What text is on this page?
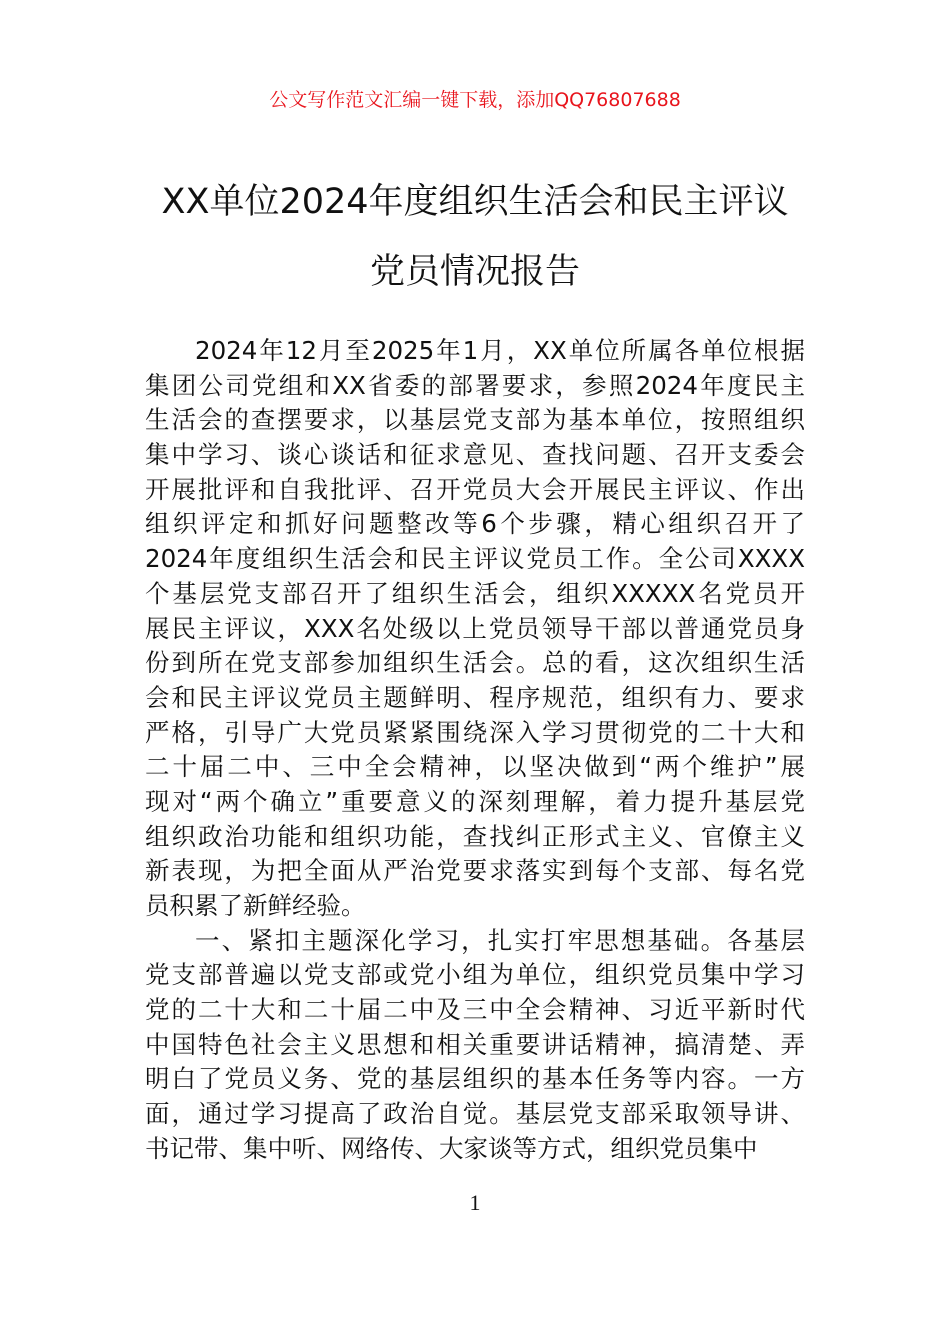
公文写作范文汇编一键下载，添加QQ76807688
XX单位2024年度组织生活会和民主评议
党员情况报告
2024年12月至2025年1月，XX单位所属各单位根据
集团公司党组和XX省委的部署要求，参照2024年度民主
生活会的查摆要求，以基层党支部为基本单位，按照组织
集中学习、谈心谈话和征求意见、查找问题、召开支委会
开展批评和自我批评、召开党员大会开展民主评议、作出
组织评定和抓好问题整改等6个步骤，精心组织召开了
2024年度组织生活会和民主评议党员工作。全公司XXXX
个基层党支部召开了组织生活会，组织XXXXX名党员开
展民主评议，XXX名处级以上党员领导干部以普通党员身
份到所在党支部参加组织生活会。总的看，这次组织生活
会和民主评议党员主题鲜明、程序规范，组织有力、要求
严格，引导广大党员紧紧围绕深入学习贯彻党的二十大和
二十届二中、三中全会精神，以坚决做到“两个维护”展
现对“两个确立”重要意义的深刻理解，着力提升基层党
组织政治功能和组织功能，查找纠正形式主义、官僚主义
新表现，为把全面从严治党要求落实到每个支部、每名党
员积累了新鲜经验。
一、紧扣主题深化学习，扎实打牢思想基础。各基层
党支部普遍以党支部或党小组为单位，组织党员集中学习
党的二十大和二十届二中及三中全会精神、习近平新时代
中国特色社会主义思想和相关重要讲话精神，搞清楚、弄
明白了党员义务、党的基层组织的基本任务等内容。一方
面，通过学习提高了政治自觉。基层党支部采取领导讲、
书记带、集中听、网络传、大家谈等方式，组织党员集中
1
